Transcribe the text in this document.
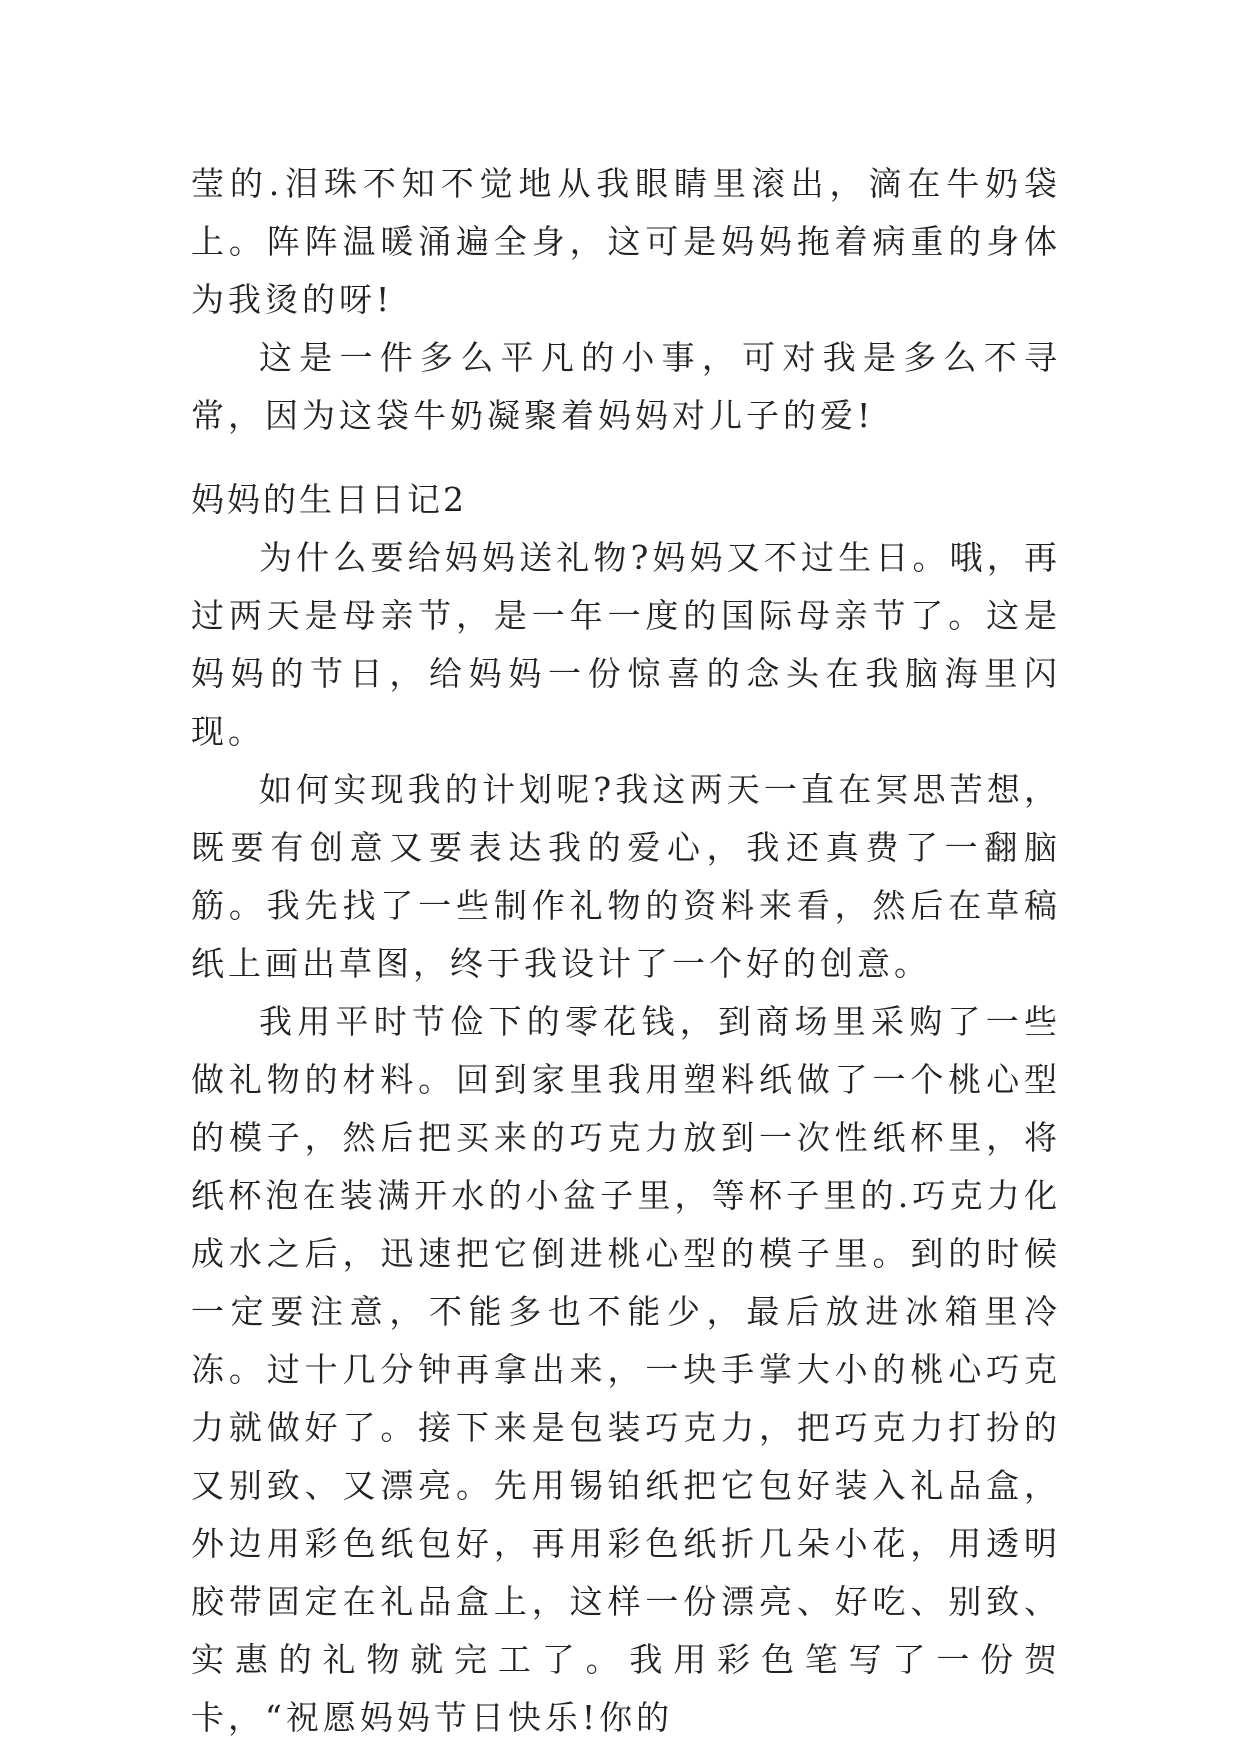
莹的.泪珠不知不觉地从我眼睛里滚出，滴在牛奶袋上。阵阵温暖涌遍全身，这可是妈妈拖着病重的身体为我烫的呀!

这是一件多么平凡的小事，可对我是多么不寻常，因为这袋牛奶凝聚着妈妈对儿子的爱!

妈妈的生日日记2

为什么要给妈妈送礼物?妈妈又不过生日。哦，再过两天是母亲节，是一年一度的国际母亲节了。这是妈妈的节日，给妈妈一份惊喜的念头在我脑海里闪现。

如何实现我的计划呢?我这两天一直在冥思苦想，既要有创意又要表达我的爱心，我还真费了一翻脑筋。我先找了一些制作礼物的资料来看，然后在草稿纸上画出草图，终于我设计了一个好的创意。

我用平时节俭下的零花钱，到商场里采购了一些做礼物的材料。回到家里我用塑料纸做了一个桃心型的模子，然后把买来的巧克力放到一次性纸杯里，将纸杯泡在装满开水的小盆子里，等杯子里的.巧克力化成水之后，迅速把它倒进桃心型的模子里。到的时候一定要注意，不能多也不能少，最后放进冰箱里冷冻。过十几分钟再拿出来，一块手掌大小的桃心巧克力就做好了。接下来是包装巧克力，把巧克力打扮的又别致、又漂亮。先用锡铂纸把它包好装入礼品盒，外边用彩色纸包好，再用彩色纸折几朵小花，用透明胶带固定在礼品盒上，这样一份漂亮、好吃、别致、实惠的礼物就完工了。我用彩色笔写了一份贺卡，“祝愿妈妈节日快乐!你的
